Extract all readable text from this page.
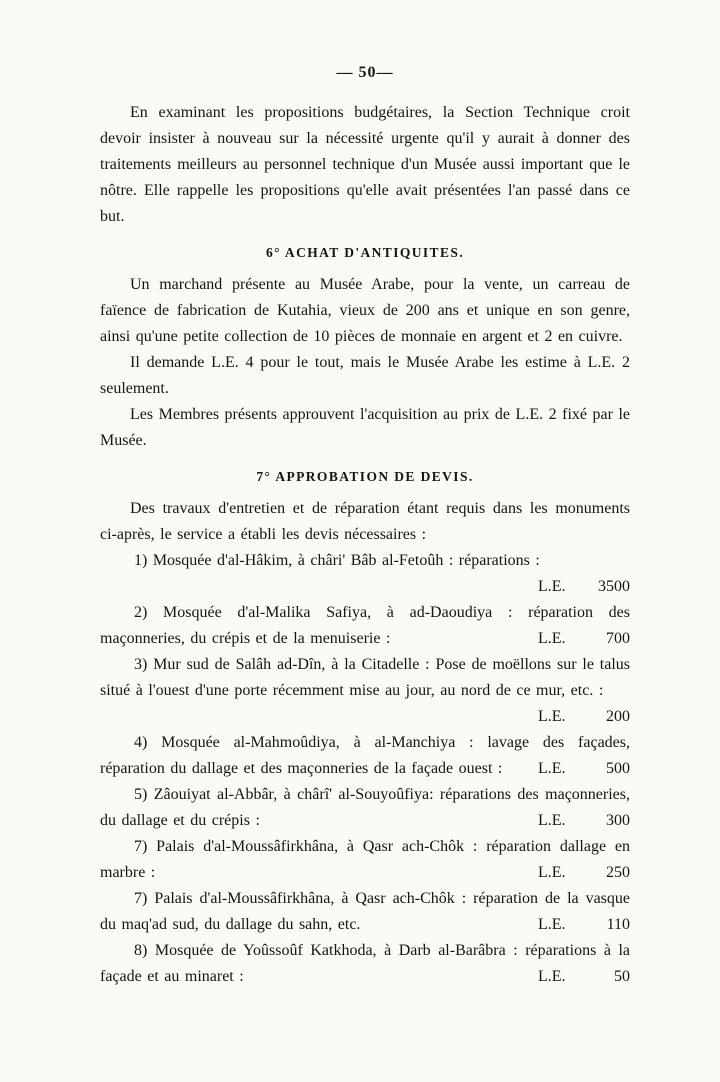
— 50—

En examinant les propositions budgétaires, la Section Technique croit devoir insister à nouveau sur la nécessité urgente qu'il y aurait à donner des traitements meilleurs au personnel technique d'un Musée aussi important que le nôtre. Elle rappelle les propositions qu'elle avait présentées l'an passé dans ce but.

6° ACHAT D'ANTIQUITES.

Un marchand présente au Musée Arabe, pour la vente, un carreau de faïence de fabrication de Kutahia, vieux de 200 ans et unique en son genre, ainsi qu'une petite collection de 10 pièces de monnaie en argent et 2 en cuivre.

Il demande L.E. 4 pour le tout, mais le Musée Arabe les estime à L.E. 2 seulement.

Les Membres présents approuvent l'acquisition au prix de L.E. 2 fixé par le Musée.

7° APPROBATION DE DEVIS.

Des travaux d'entretien et de réparation étant requis dans les monuments ci-après, le service a établi les devis nécessaires :

1) Mosquée d'al-Hâkim, à châri' Bâb al-Fetoûh : réparations :
L.E. 3500
2) Mosquée d'al-Malika Safiya, à ad-Daoudiya : réparation des maçonneries, du crépis et de la menuiserie :	L.E.	700
3) Mur sud de Salâh ad-Dîn, à la Citadelle : Pose de moëllons sur le talus situé à l'ouest d'une porte récemment mise au jour, au nord de ce mur, etc. :
L.E.	200
4) Mosquée al-Mahmoûdiya, à al-Manchiya : lavage des façades, réparation du dallage et des maçonneries de la façade ouest : L.E.	500
5) Zâouiyat al-Abbâr, à chârî' al-Souyoûfiya: réparations des maçonneries, du dallage et du crépis :	L.E.	300
7) Palais d'al-Moussâfirkhâna, à Qasr ach-Chôk : réparation dallage en marbre :	L.E.	250
7) Palais d'al-Moussâfirkhâna, à Qasr ach-Chôk : réparation de la vasque du maq'ad sud, du dallage du sahn, etc.	L.E.	110
8) Mosquée de Yoûssoûf Katkhoda, à Darb al-Barâbra : réparations à la façade et au minaret :	L.E.	50
